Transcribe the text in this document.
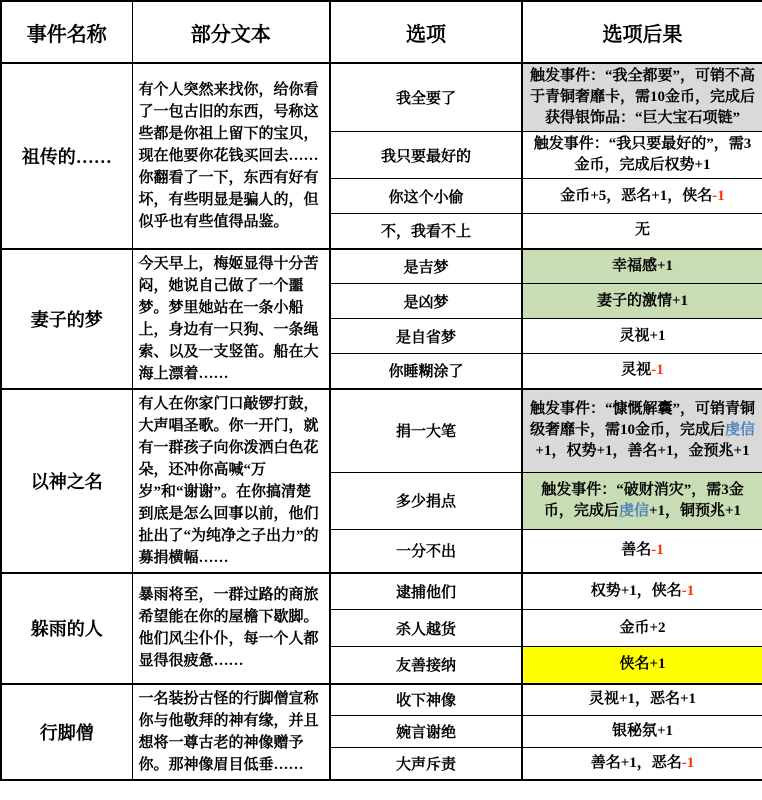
事件名称	部分文本	选项	选项后果
祖传的……	有个人突然来找你，给你看了一包古旧的东西，号称这些都是你祖上留下的宝贝，现在他要你花钱买回去……你翻看了一下，东西有好有坏，有些明显是骗人的，但似乎也有些值得品鉴。	我全要了	触发事件：“我全都要”，可销不高于青铜奢靡卡，需10金币，完成后获得银饰品：“巨大宝石项链”
		我只要最好的	触发事件：“我只要最好的”，需3金币，完成后权势+1
		你这个小偷	金币+5，恶名+1，侠名-1
		不，我看不上	无
妻子的梦	今天早上，梅姬显得十分苦闷，她说自己做了一个噩梦。梦里她站在一条小船上，身边有一只狗、一条绳索、以及一支竖笛。船在大海上漂着……	是吉梦	幸福感+1
		是凶梦	妻子的激情+1
		是自省梦	灵视+1
		你睡糊涂了	灵视-1
以神之名	有人在你家门口敲锣打鼓，大声唱圣歌。你一开门，就有一群孩子向你泼洒白色花朵，还冲你高喊“万岁”和“谢谢”。在你搞清楚到底是怎么回事以前，他们扯出了“为纯净之子出力”的募捐横幅……	捐一大笔	触发事件：“慷慨解囊”，可销青铜级奢靡卡，需10金币，完成后虔信+1，权势+1，善名+1，金预兆+1
		多少捐点	触发事件：“破财消灾”，需3金币，完成后虔信+1，铜预兆+1
		一分不出	善名-1
躲雨的人	暴雨将至，一群过路的商旅希望能在你的屋檐下歇脚。他们风尘仆仆，每一个人都显得很疲惫……	逮捕他们	权势+1，侠名-1
		杀人越货	金币+2
		友善接纳	侠名+1
行脚僧	一名装扮古怪的行脚僧宣称你与他敬拜的神有缘，并且想将一尊古老的神像赠予你。那神像眉目低垂……	收下神像	灵视+1，恶名+1
		婉言谢绝	银秘氛+1
		大声斥责	善名+1，恶名-1
